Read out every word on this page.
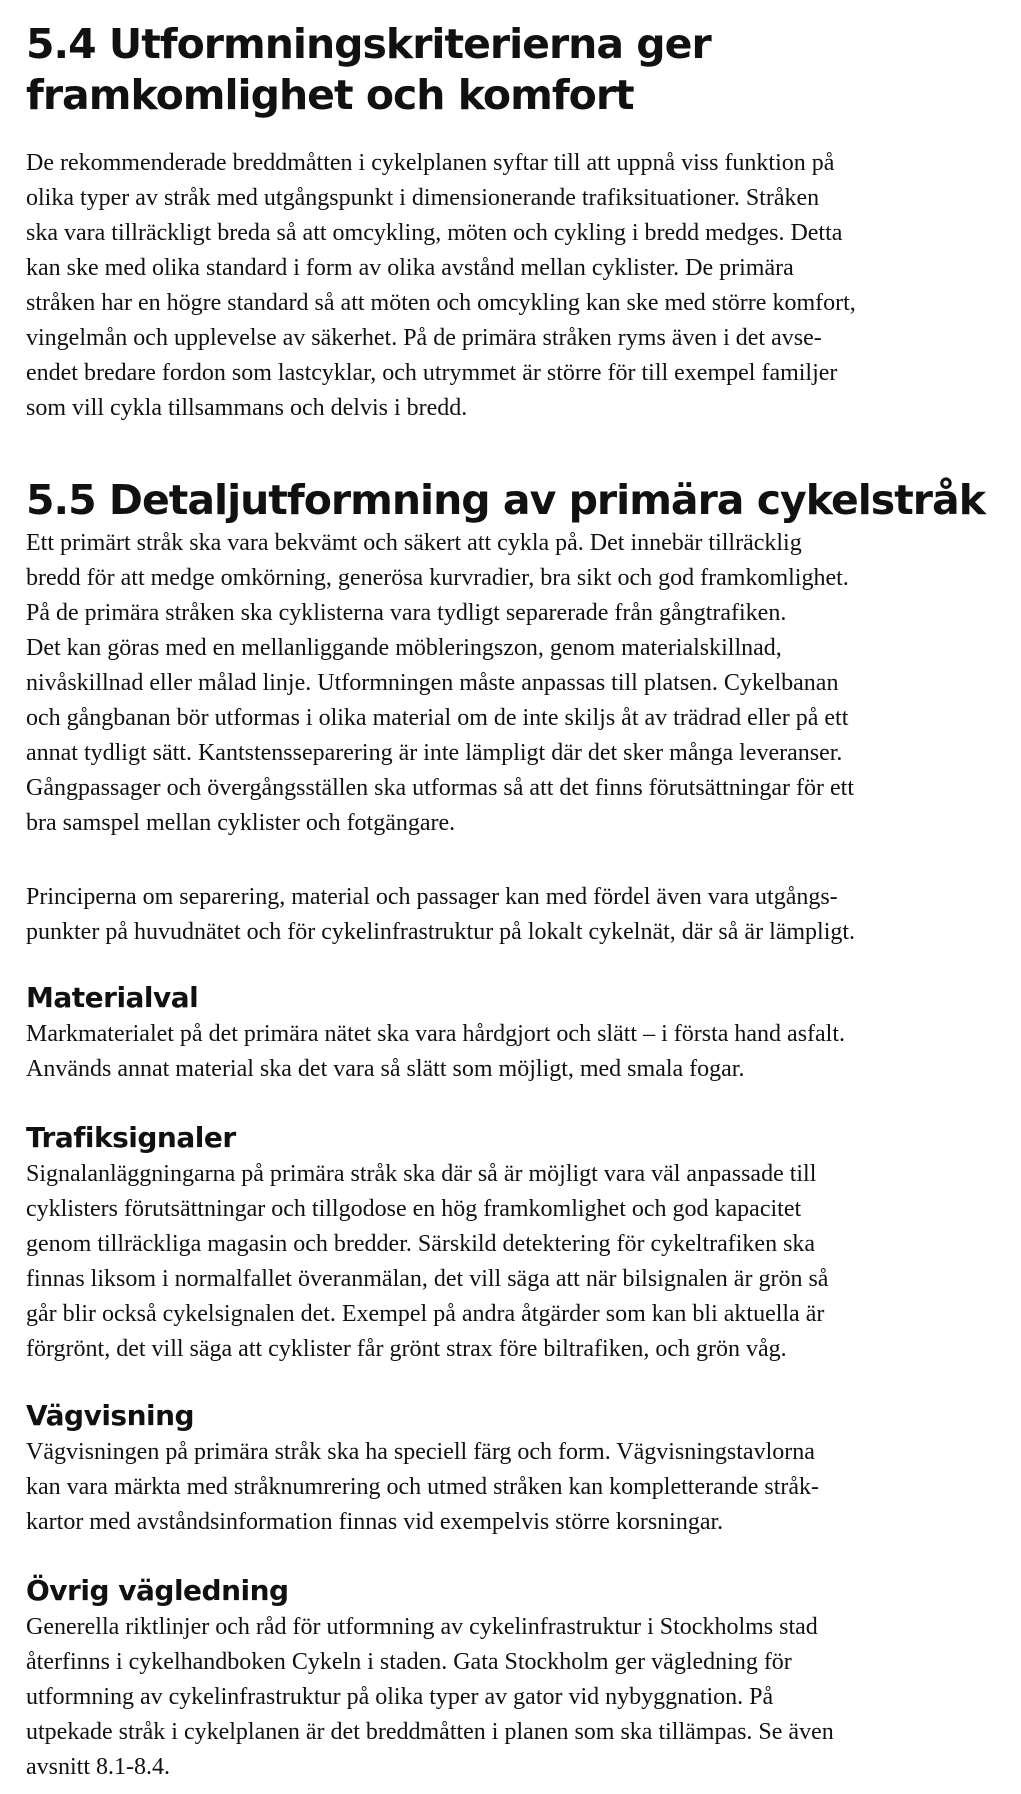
5.4 Utformningskriterierna ger
framkomlighet och komfort
De rekommenderade breddmåtten i cykelplanen syftar till att uppnå viss funktion på
olika typer av stråk med utgångspunkt i dimensionerande trafiksituationer. Stråken
ska vara tillräckligt breda så att omcykling, möten och cykling i bredd medges. Detta
kan ske med olika standard i form av olika avstånd mellan cyklister. De primära
stråken har en högre standard så att möten och omcykling kan ske med större komfort,
vingelmån och upplevelse av säkerhet. På de primära stråken ryms även i det avse-
endet bredare fordon som lastcyklar, och utrymmet är större för till exempel familjer
som vill cykla tillsammans och delvis i bredd.
5.5 Detaljutformning av primära cykelstråk
Ett primärt stråk ska vara bekvämt och säkert att cykla på. Det innebär tillräcklig
bredd för att medge omkörning, generösa kurvradier, bra sikt och god framkomlighet.
På de primära stråken ska cyklisterna vara tydligt separerade från gångtrafiken.
Det kan göras med en mellanliggande möbleringszon, genom materialskillnad,
nivåskillnad eller målad linje. Utformningen måste anpassas till platsen. Cykelbanan
och gångbanan bör utformas i olika material om de inte skiljs åt av trädrad eller på ett
annat tydligt sätt. Kantstensseparering är inte lämpligt där det sker många leveranser.
Gångpassager och övergångsställen ska utformas så att det finns förutsättningar för ett
bra samspel mellan cyklister och fotgängare.
Principerna om separering, material och passager kan med fördel även vara utgångs-
punkter på huvudnätet och för cykelinfrastruktur på lokalt cykelnät, där så är lämpligt.
Materialval
Markmaterialet på det primära nätet ska vara hårdgjort och slätt – i första hand asfalt.
Används annat material ska det vara så slätt som möjligt, med smala fogar.
Trafiksignaler
Signalanläggningarna på primära stråk ska där så är möjligt vara väl anpassade till
cyklisters förutsättningar och tillgodose en hög framkomlighet och god kapacitet
genom tillräckliga magasin och bredder. Särskild detektering för cykeltrafiken ska
finnas liksom i normalfallet överanmälan, det vill säga att när bilsignalen är grön så
går blir också cykelsignalen det. Exempel på andra åtgärder som kan bli aktuella är
förgrönt, det vill säga att cyklister får grönt strax före biltrafiken, och grön våg.
Vägvisning
Vägvisningen på primära stråk ska ha speciell färg och form. Vägvisningstavlorna
kan vara märkta med stråknumrering och utmed stråken kan kompletterande stråk-
kartor med avståndsinformation finnas vid exempelvis större korsningar.
Övrig vägledning
Generella riktlinjer och råd för utformning av cykelinfrastruktur i Stockholms stad
återfinns i cykelhandboken Cykeln i staden. Gata Stockholm ger vägledning för
utformning av cykelinfrastruktur på olika typer av gator vid nybyggnation. På
utpekade stråk i cykelplanen är det breddmåtten i planen som ska tillämpas. Se även
avsnitt 8.1-8.4.
